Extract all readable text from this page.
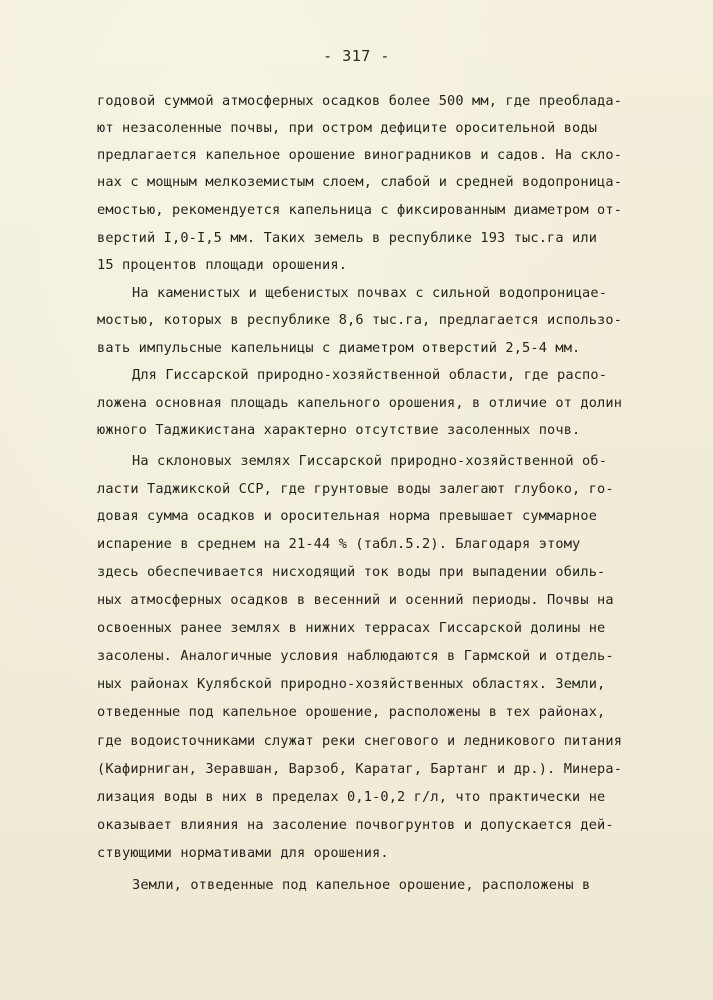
- 317 -
годовой суммой атмосферных осадков более 500 мм, где преоблада-
ют незасоленные почвы, при остром дефиците оросительной воды
предлагается капельное орошение виноградников и садов. На скло-
нах с мощным мелкоземистым слоем, слабой и средней водопроница-
емостью, рекомендуется капельница с фиксированным диаметром от-
верстий I,0-I,5 мм. Таких земель в республике 193 тыс.га или
15 процентов площади орошения.
На каменистых и щебенистых почвах с сильной водопроницае-
мостью, которых в республике 8,6 тыс.га, предлагается использо-
вать импульсные капельницы с диаметром отверстий 2,5-4 мм.
Для Гиссарской природно-хозяйственной области, где распо-
ложена основная площадь капельного орошения, в отличие от долин
южного Таджикистана характерно отсутствие засоленных почв.
На склоновых землях Гиссарской природно-хозяйственной об-
ласти Таджикской ССР, где грунтовые воды залегают глубоко, го-
довая сумма осадков и оросительная норма превышает суммарное
испарение в среднем на 21-44 % (табл.5.2). Благодаря этому
здесь обеспечивается нисходящий ток воды при выпадении обиль-
ных атмосферных осадков в весенний и осенний периоды. Почвы на
освоенных ранее землях в нижних террасах Гиссарской долины не
засолены. Аналогичные условия наблюдаются в Гармской и отдель-
ных районах Кулябской природно-хозяйственных областях. Земли,
отведенные под капельное орошение, расположены в тех районах,
где водоисточниками служат реки снегового и ледникового питания
(Кафирниган, Зеравшан, Варзоб, Каратаг, Бартанг и др.). Минера-
лизация воды в них в пределах 0,1-0,2 г/л, что практически не
оказывает влияния на засоление почвогрунтов и допускается дей-
ствующими нормативами для орошения.
Земли, отведенные под капельное орошение, расположены в
